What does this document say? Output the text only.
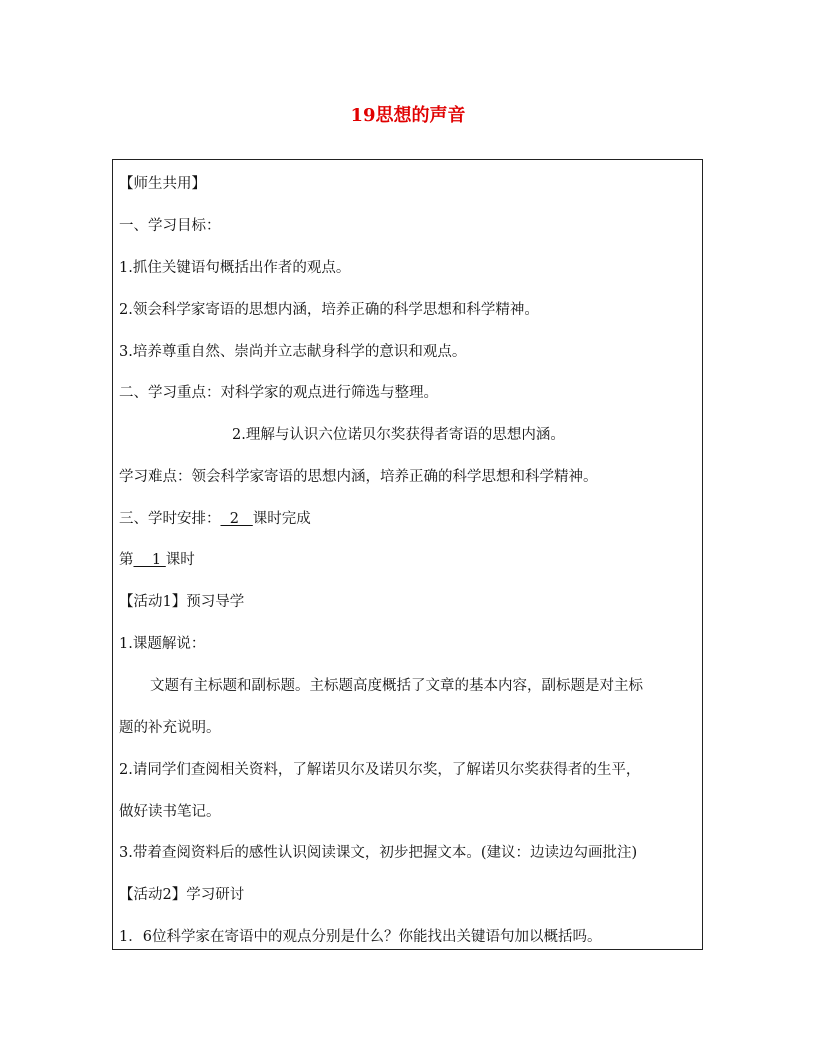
19思想的声音
【师生共用】
一、学习目标：
1.抓住关键语句概括出作者的观点。
2.领会科学家寄语的思想内涵，培养正确的科学思想和科学精神。
3.培养尊重自然、崇尚并立志献身科学的意识和观点。
二、学习重点：对科学家的观点进行筛选与整理。
2.理解与认识六位诺贝尔奖获得者寄语的思想内涵。
学习难点：领会科学家寄语的思想内涵，培养正确的科学思想和科学精神。
三、学时安排：  2   课时完成
第    1 课时
【活动1】预习导学
1.课题解说：
文题有主标题和副标题。主标题高度概括了文章的基本内容，副标题是对主标
题的补充说明。
2.请同学们查阅相关资料，了解诺贝尔及诺贝尔奖，了解诺贝尔奖获得者的生平，
做好读书笔记。
3.带着查阅资料后的感性认识阅读课文，初步把握文本。(建议：边读边勾画批注)
【活动2】学习研讨
1．6位科学家在寄语中的观点分别是什么？你能找出关键语句加以概括吗。
